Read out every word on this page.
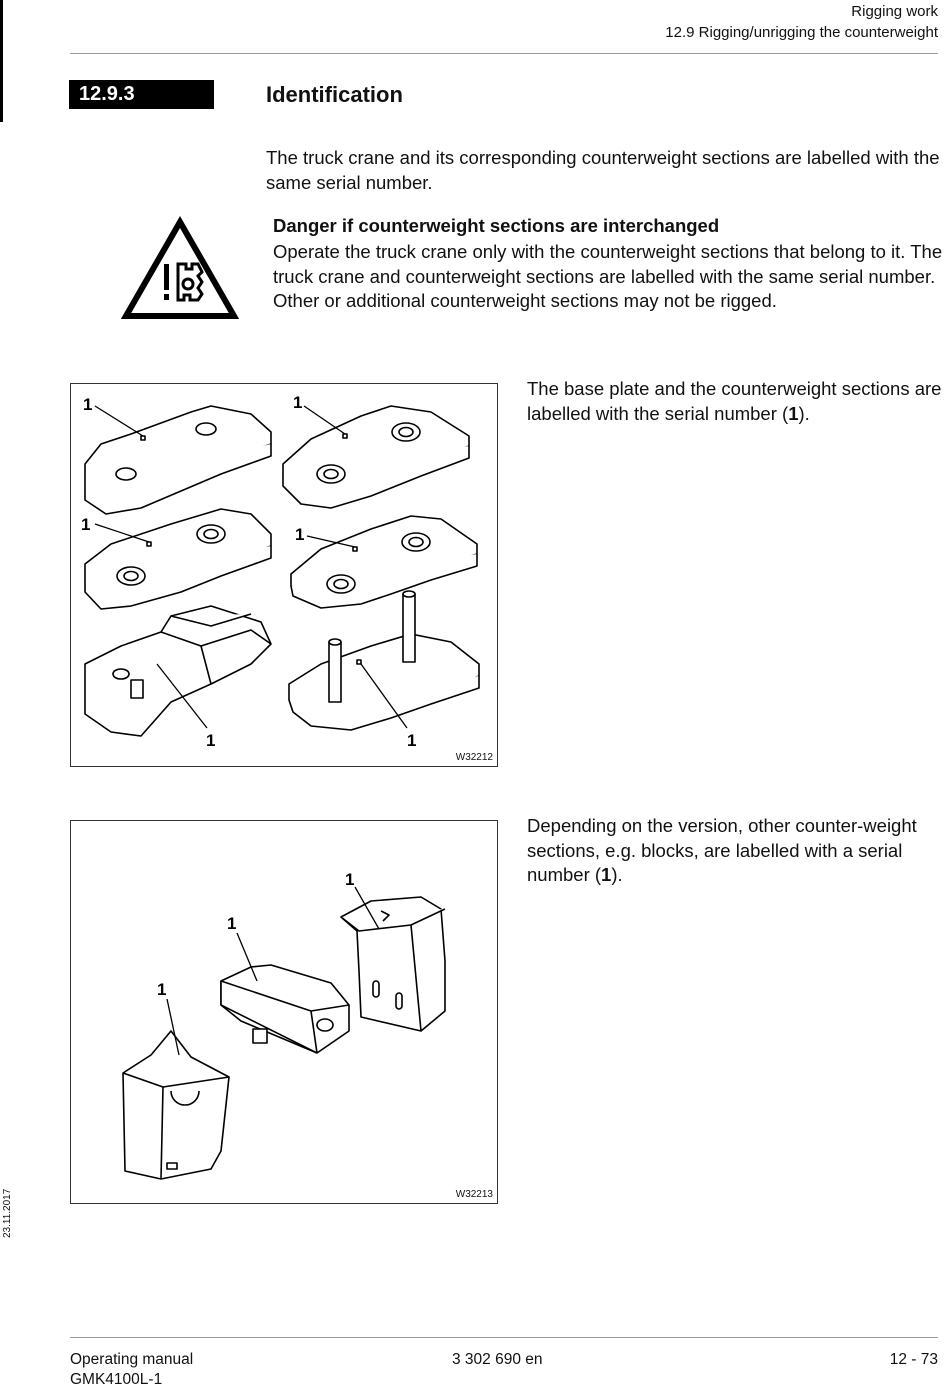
Rigging work
12.9 Rigging/unrigging the counterweight
12.9.3	Identification
The truck crane and its corresponding counterweight sections are labelled with the same serial number.
Danger if counterweight sections are interchanged
Operate the truck crane only with the counterweight sections that belong to it. The truck crane and counterweight sections are labelled with the same serial number.
Other or additional counterweight sections may not be rigged.
1	1
1
1
1	1
W32212
The base plate and the counterweight sections are labelled with the serial number (1).
1
1
1
W32213
Depending on the version, other counter-weight sections, e.g. blocks, are labelled with a serial number (1).
23.11.2017
Operating manual
GMK4100L-1
3 302 690 en	12 - 73
